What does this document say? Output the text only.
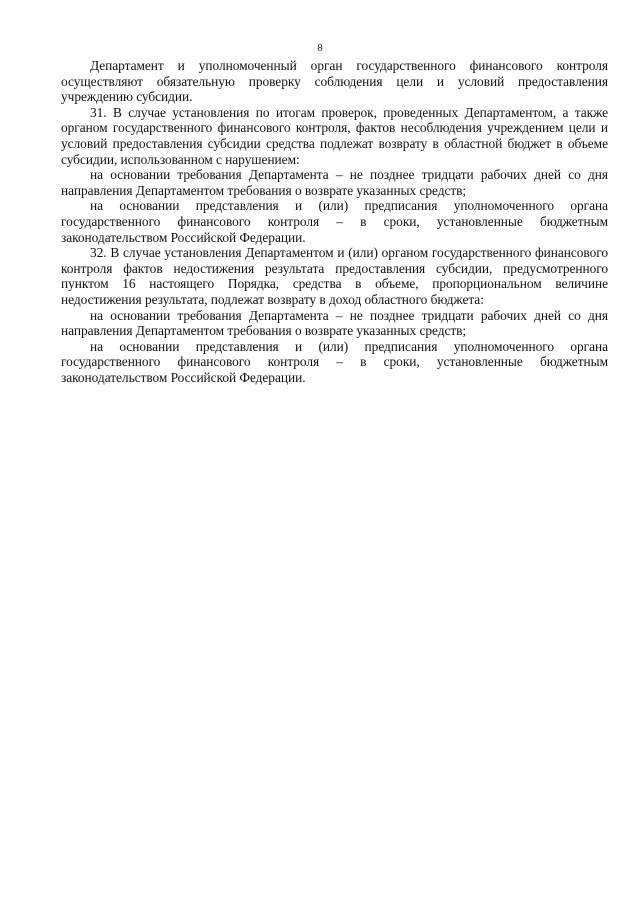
8

Департамент и уполномоченный орган государственного финансового контроля осуществляют обязательную проверку соблюдения цели и условий предоставления учреждению субсидии.

31. В случае установления по итогам проверок, проведенных Департаментом, а также органом государственного финансового контроля, фактов несоблюдения учреждением цели и условий предоставления субсидии средства подлежат возврату в областной бюджет в объеме субсидии, использованном с нарушением:

на основании требования Департамента – не позднее тридцати рабочих дней со дня направления Департаментом требования о возврате указанных средств;

на основании представления и (или) предписания уполномоченного органа государственного финансового контроля – в сроки, установленные бюджетным законодательством Российской Федерации.

32. В случае установления Департаментом и (или) органом государственного финансового контроля фактов недостижения результата предоставления субсидии, предусмотренного пунктом 16 настоящего Порядка, средства в объеме, пропорциональном величине недостижения результата, подлежат возврату в доход областного бюджета:

на основании требования Департамента – не позднее тридцати рабочих дней со дня направления Департаментом требования о возврате указанных средств;

на основании представления и (или) предписания уполномоченного органа государственного финансового контроля – в сроки, установленные бюджетным законодательством Российской Федерации.
